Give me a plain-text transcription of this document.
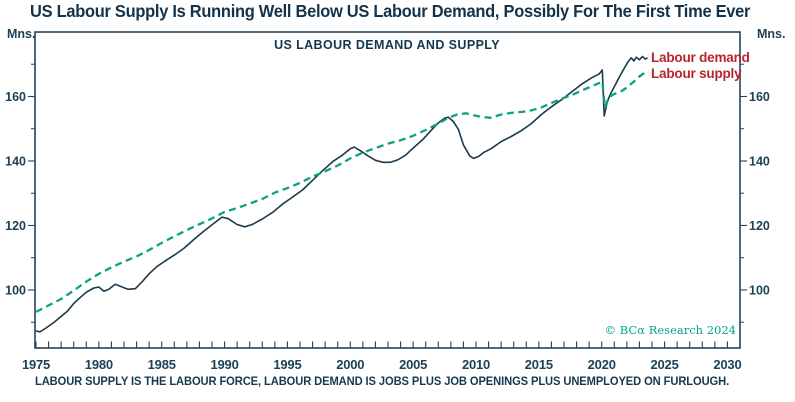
US Labour Supply Is Running Well Below US Labour Demand, Possibly For The First Time Ever
1975	1980	1985	1990	1995	2000	2005	2010	2015	2020	2025	2030
100	100
120	120
140	140
160	160
Mns.	Mns.
US LABOUR DEMAND AND SUPPLY
Labour demand
Labour supply
© BCα Research 2024
LABOUR SUPPLY IS THE LABOUR FORCE, LABOUR DEMAND IS JOBS PLUS JOB OPENINGS PLUS UNEMPLOYED ON FURLOUGH.
